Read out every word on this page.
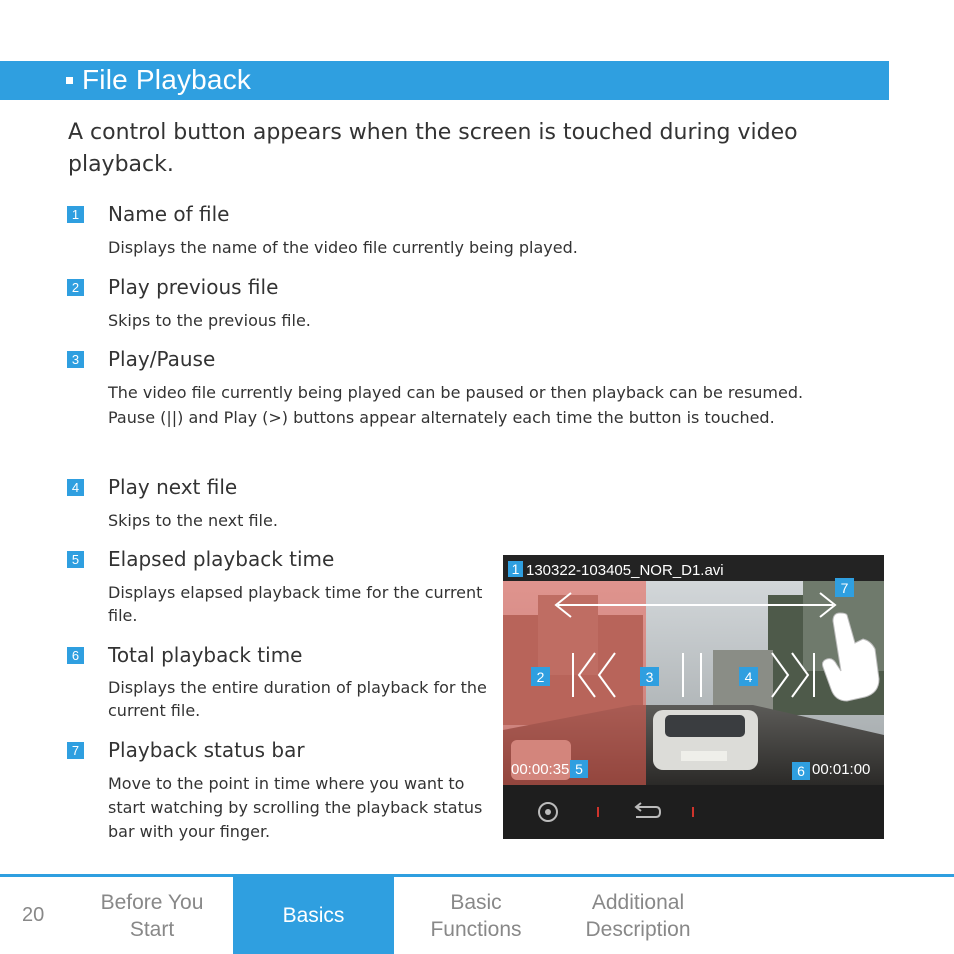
File Playback
A control button appears when the screen is touched during video playback.
1 Name of file
Displays the name of the video file currently being played.
2 Play previous file
Skips to the previous file.
3 Play/Pause
The video file currently being played can be paused or then playback can be resumed. Pause (||) and Play (>) buttons appear alternately each time the button is touched.
4 Play next file
Skips to the next file.
5 Elapsed playback time
Displays elapsed playback time for the current file.
6 Total playback time
Displays the entire duration of playback for the current file.
7 Playback status bar
Move to the point in time where you want to start watching by scrolling the playback status bar with your finger.
130322-103405_NOR_D1.avi
00:00:35	00:01:00
1
7
2	3	4
5	6
20
Before You
Start
Basics
Basic
Functions
Additional
Description
